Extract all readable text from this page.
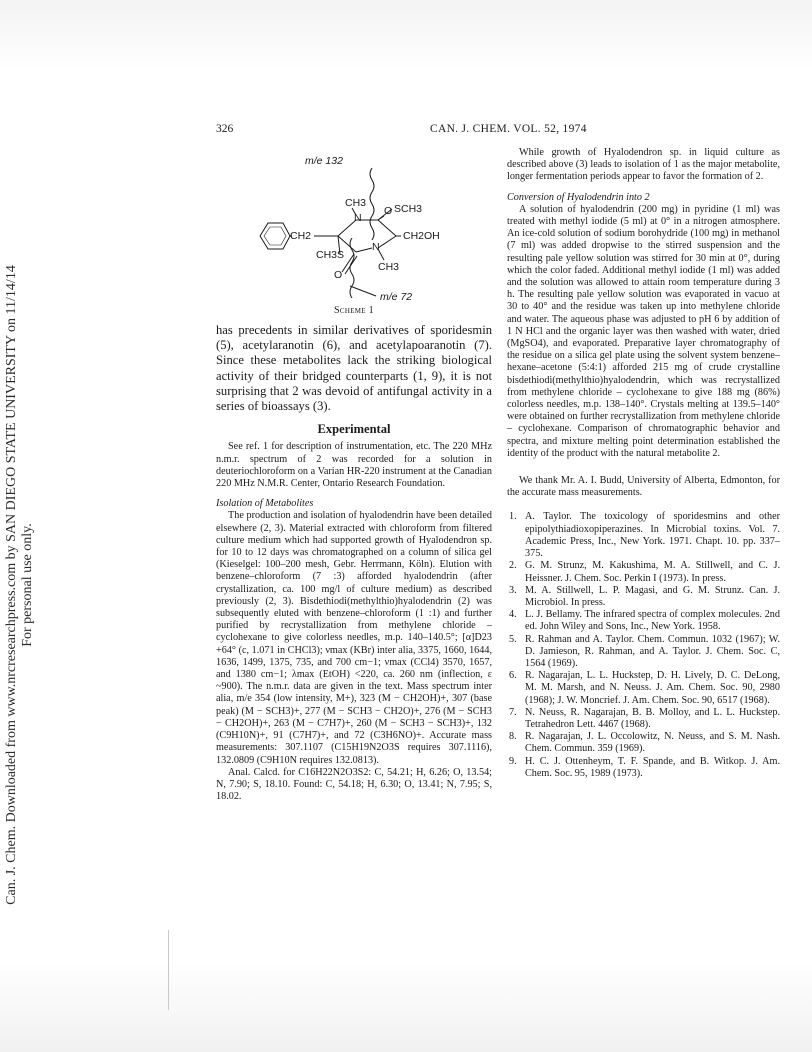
Can. J. Chem. Downloaded from www.nrcresearchpress.com by SAN DIEGO STATE UNIVERSITY on 11/14/14 For personal use only.
326	CAN. J. CHEM. VOL. 52, 1974
m/e 132
CH3	SCH3
N
CH2	CH2OH
N
CH3S
CH3
O
O
m/e 72
Scheme 1

has precedents in similar derivatives of sporidesmin (5), acetylaranotin (6), and acetylapoaranotin (7). Since these metabolites lack the striking biological activity of their bridged counterparts (1, 9), it is not surprising that 2 was devoid of antifungal activity in a series of bioassays (3).

Experimental

See ref. 1 for description of instrumentation, etc. The 220 MHz n.m.r. spectrum of 2 was recorded for a solution in deuteriochloroform on a Varian HR-220 instrument at the Canadian 220 MHz N.M.R. Center, Ontario Research Foundation.

Isolation of Metabolites

The production and isolation of hyalodendrin have been detailed elsewhere (2, 3). Material extracted with chloroform from filtered culture medium which had supported growth of Hyalodendron sp. for 10 to 12 days was chromatographed on a column of silica gel (Kieselgel: 100–200 mesh, Gebr. Herrmann, Köln). Elution with benzene–chloroform (7 :3) afforded hyalodendrin (after crystallization, ca. 100 mg/l of culture medium) as described previously (2, 3). Bisdethiodi(methylthio)hyalodendrin (2) was subsequently eluted with benzene–chloroform (1 :1) and further purified by recrystallization from methylene chloride – cyclohexane to give colorless needles, m.p. 140–140.5°; [α]D23 +64° (c, 1.071 in CHCl3); νmax (KBr) inter alia, 3375, 1660, 1644, 1636, 1499, 1375, 735, and 700 cm−1; νmax (CCl4) 3570, 1657, and 1380 cm−1; λmax (EtOH) <220, ca. 260 nm (inflection, ε ~900). The n.m.r. data are given in the text. Mass spectrum inter alia, m/e 354 (low intensity, M+), 323 (M − CH2OH)+, 307 (base peak) (M − SCH3)+, 277 (M − SCH3 − CH2O)+, 276 (M − SCH3 − CH2OH)+, 263 (M − C7H7)+, 260 (M − SCH3 − SCH3)+, 132 (C9H10N)+, 91 (C7H7)+, and 72 (C3H6NO)+. Accurate mass measurements: 307.1107 (C15H19N2O3S requires 307.1116), 132.0809 (C9H10N requires 132.0813).

Anal. Calcd. for C16H22N2O3S2: C, 54.21; H, 6.26; O, 13.54; N, 7.90; S, 18.10. Found: C, 54.18; H, 6.30; O, 13.41; N, 7.95; S, 18.02.

While growth of Hyalodendron sp. in liquid culture as described above (3) leads to isolation of 1 as the major metabolite, longer fermentation periods appear to favor the formation of 2.

Conversion of Hyalodendrin into 2

A solution of hyalodendrin (200 mg) in pyridine (1 ml) was treated with methyl iodide (5 ml) at 0° in a nitrogen atmosphere. An ice-cold solution of sodium borohydride (100 mg) in methanol (7 ml) was added dropwise to the stirred suspension and the resulting pale yellow solution was stirred for 30 min at 0°, during which the color faded. Additional methyl iodide (1 ml) was added and the solution was allowed to attain room temperature during 3 h. The resulting pale yellow solution was evaporated in vacuo at 30 to 40° and the residue was taken up into methylene chloride and water. The aqueous phase was adjusted to pH 6 by addition of 1 N HCl and the organic layer was then washed with water, dried (MgSO4), and evaporated. Preparative layer chromatography of the residue on a silica gel plate using the solvent system benzene–hexane–acetone (5:4:1) afforded 215 mg of crude crystalline bisdethiodi(methylthio)hyalodendrin, which was recrystallized from methylene chloride – cyclohexane to give 188 mg (86%) colorless needles, m.p. 138–140°. Crystals melting at 139.5–140° were obtained on further recrystallization from methylene chloride – cyclohexane. Comparison of chromatographic behavior and spectra, and mixture melting point determination established the identity of the product with the natural metabolite 2.

We thank Mr. A. I. Budd, University of Alberta, Edmonton, for the accurate mass measurements.

1. A. Taylor. The toxicology of sporidesmins and other epipolythiadioxopiperazines. In Microbial toxins. Vol. 7. Academic Press, Inc., New York. 1971. Chapt. 10. pp. 337–375.
2. G. M. Strunz, M. Kakushima, M. A. Stillwell, and C. J. Heissner. J. Chem. Soc. Perkin I (1973). In press.
3. M. A. Stillwell, L. P. Magasi, and G. M. Strunz. Can. J. Microbiol. In press.
4. L. J. Bellamy. The infrared spectra of complex molecules. 2nd ed. John Wiley and Sons, Inc., New York. 1958.
5. R. Rahman and A. Taylor. Chem. Commun. 1032 (1967); W. D. Jamieson, R. Rahman, and A. Taylor. J. Chem. Soc. C, 1564 (1969).
6. R. Nagarajan, L. L. Huckstep, D. H. Lively, D. C. DeLong, M. M. Marsh, and N. Neuss. J. Am. Chem. Soc. 90, 2980 (1968); J. W. Moncrief. J. Am. Chem. Soc. 90, 6517 (1968).
7. N. Neuss, R. Nagarajan, B. B. Molloy, and L. L. Huckstep. Tetrahedron Lett. 4467 (1968).
8. R. Nagarajan, J. L. Occolowitz, N. Neuss, and S. M. Nash. Chem. Commun. 359 (1969).
9. H. C. J. Ottenheym, T. F. Spande, and B. Witkop. J. Am. Chem. Soc. 95, 1989 (1973).
